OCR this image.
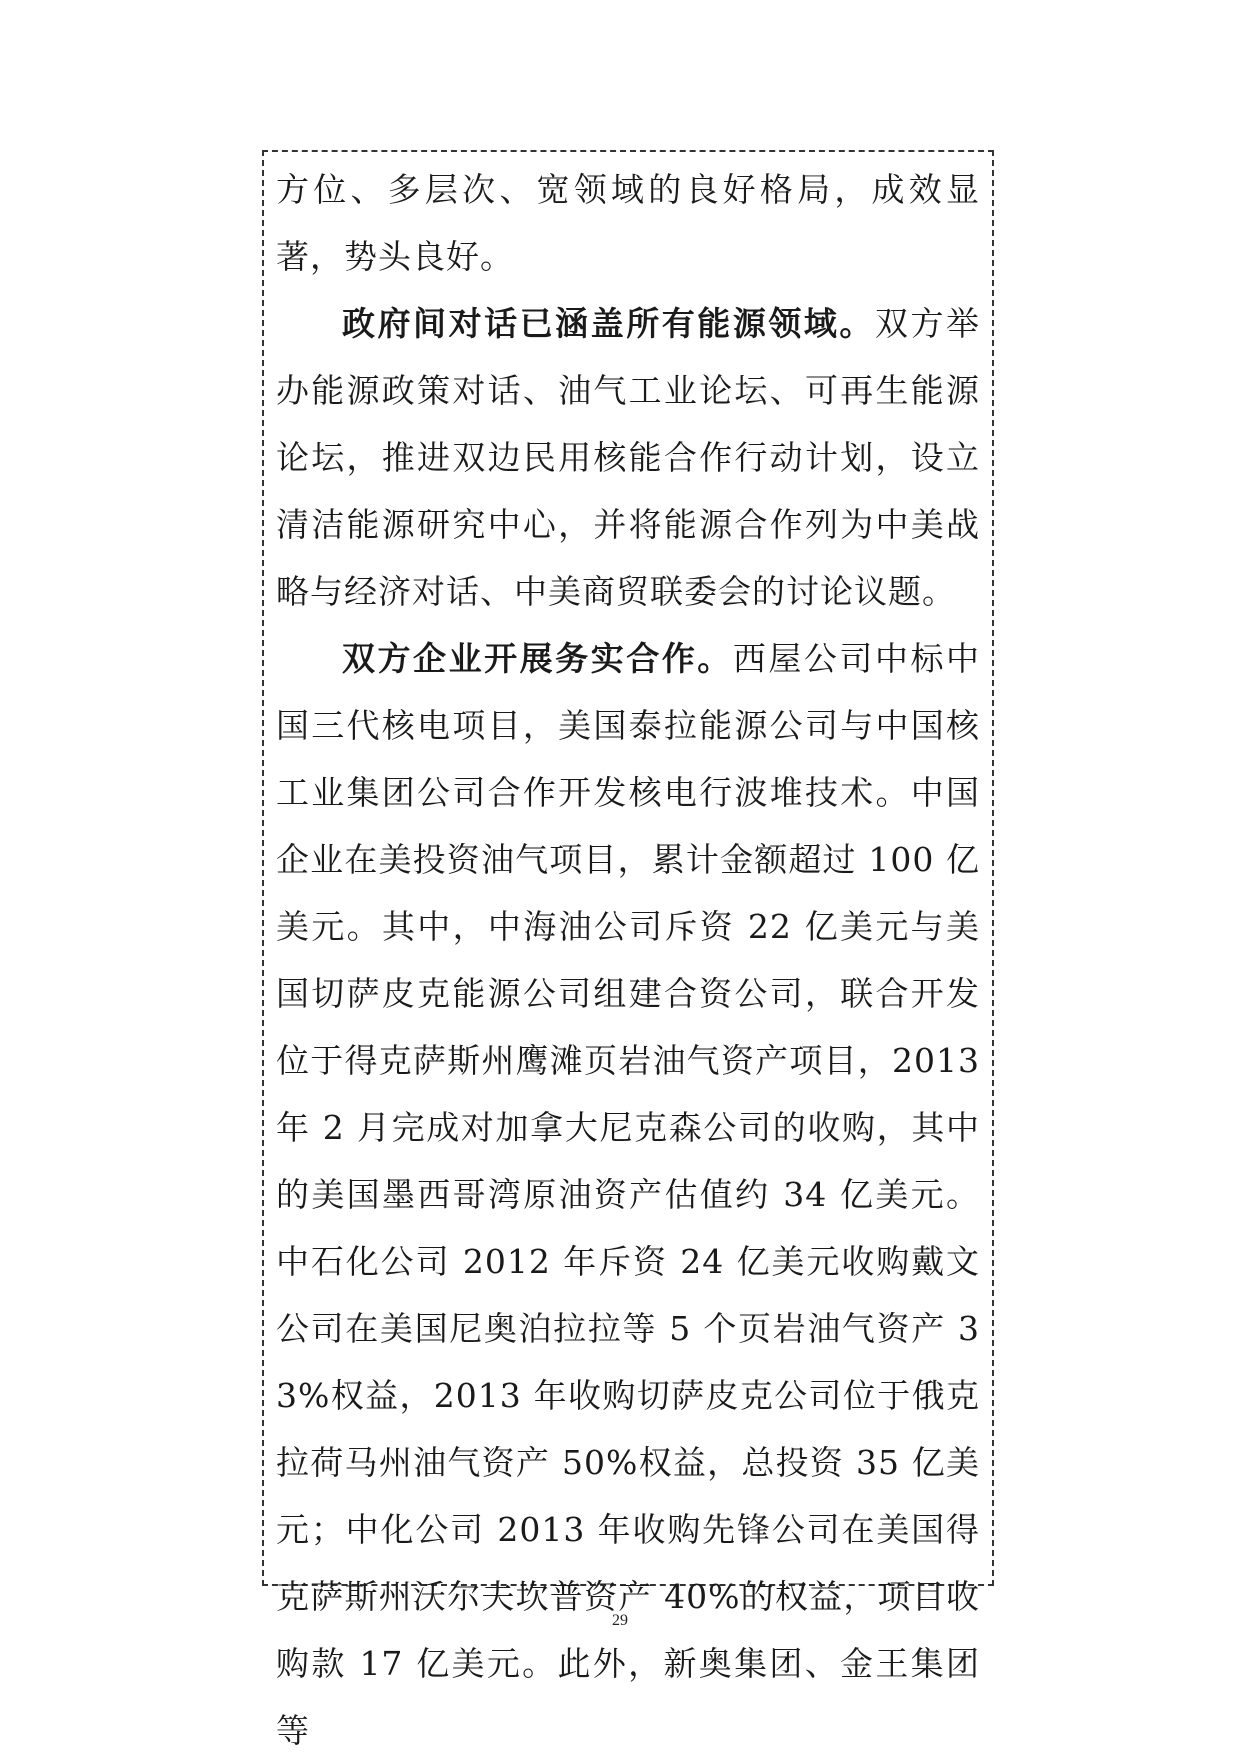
方位、多层次、宽领域的良好格局，成效显著，势头良好。

政府间对话已涵盖所有能源领域。双方举办能源政策对话、油气工业论坛、可再生能源论坛，推进双边民用核能合作行动计划，设立清洁能源研究中心，并将能源合作列为中美战略与经济对话、中美商贸联委会的讨论议题。

双方企业开展务实合作。西屋公司中标中国三代核电项目，美国泰拉能源公司与中国核工业集团公司合作开发核电行波堆技术。中国企业在美投资油气项目，累计金额超过 100 亿美元。其中，中海油公司斥资 22 亿美元与美国切萨皮克能源公司组建合资公司，联合开发位于得克萨斯州鹰滩页岩油气资产项目，2013 年 2 月完成对加拿大尼克森公司的收购，其中的美国墨西哥湾原油资产估值约 34 亿美元。中石化公司 2012 年斥资 24 亿美元收购戴文公司在美国尼奥泊拉拉等 5 个页岩油气资产 33%权益，2013 年收购切萨皮克公司位于俄克拉荷马州油气资产 50%权益，总投资 35 亿美元；中化公司 2013 年收购先锋公司在美国得克萨斯州沃尔夫坎普资产 40%的权益，项目收购款 17 亿美元。此外，新奥集团、金王集团等

29
